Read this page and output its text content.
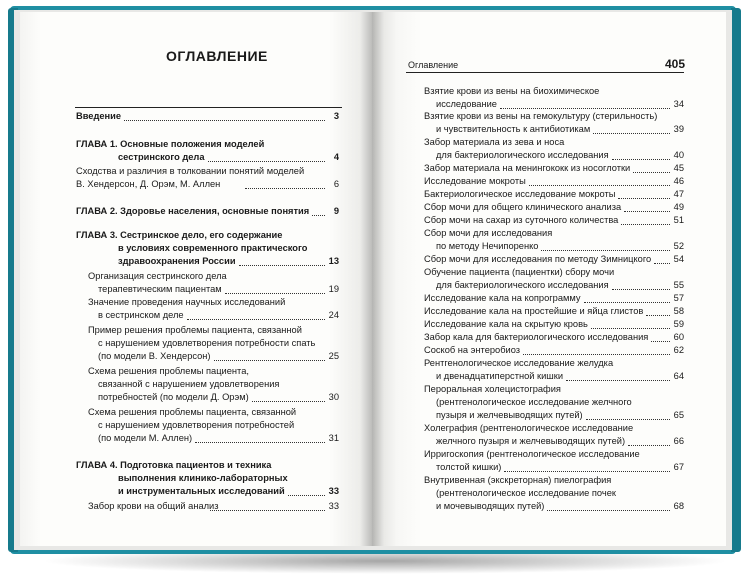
ОГЛАВЛЕНИЕ
Оглавление	405
Введение	3
ГЛАВА 1. Основные положения моделей
сестринского дела	4
Сходства и различия в толковании понятий моделей
В. Хендерсон, Д. Орэм, М. Аллен	6
ГЛАВА 2. Здоровье населения, основные понятия	9
ГЛАВА 3. Сестринское дело, его содержание
в условиях современного практического
здравоохранения России	13
Организация сестринского дела
терапевтическим пациентам	19
Значение проведения научных исследований
в сестринском деле	24
Пример решения проблемы пациента, связанной
с нарушением удовлетворения потребности спать
(по модели В. Хендерсон)	25
Схема решения проблемы пациента,
связанной с нарушением удовлетворения
потребностей (по модели Д. Орэм)	30
Схема решения проблемы пациента, связанной
с нарушением удовлетворения потребностей
(по модели М. Аллен)	31
ГЛАВА 4. Подготовка пациентов и техника
выполнения клинико-лабораторных
и инструментальных исследований	33
Забор крови на общий анализ	33
Взятие крови из вены на биохимическое
исследование	34
Взятие крови из вены на гемокультуру (стерильность)
и чувствительность к антибиотикам	39
Забор материала из зева и носа
для бактериологического исследования	40
Забор материала на менингококк из носоглотки	45
Исследование мокроты	46
Бактериологическое исследование мокроты	47
Сбор мочи для общего клинического анализа	49
Сбор мочи на сахар из суточного количества	51
Сбор мочи для исследования
по методу Нечипоренко	52
Сбор мочи для исследования по методу Зимницкого	54
Обучение пациента (пациентки) сбору мочи
для бактериологического исследования	55
Исследование кала на копрограмму	57
Исследование кала на простейшие и яйца глистов	58
Исследование кала на скрытую кровь	59
Забор кала для бактериологического исследования	60
Соскоб на энтеробиоз	62
Рентгенологическое исследование желудка
и двенадцатиперстной кишки	64
Пероральная холецистография
(рентгенологическое исследование желчного
пузыря и желчевыводящих путей)	65
Холеграфия (рентгенологическое исследование
желчного пузыря и желчевыводящих путей)	66
Ирригоскопия (рентгенологическое исследование
толстой кишки)	67
Внутривенная (экскреторная) пиелография
(рентгенологическое исследование почек
и мочевыводящих путей)	68
